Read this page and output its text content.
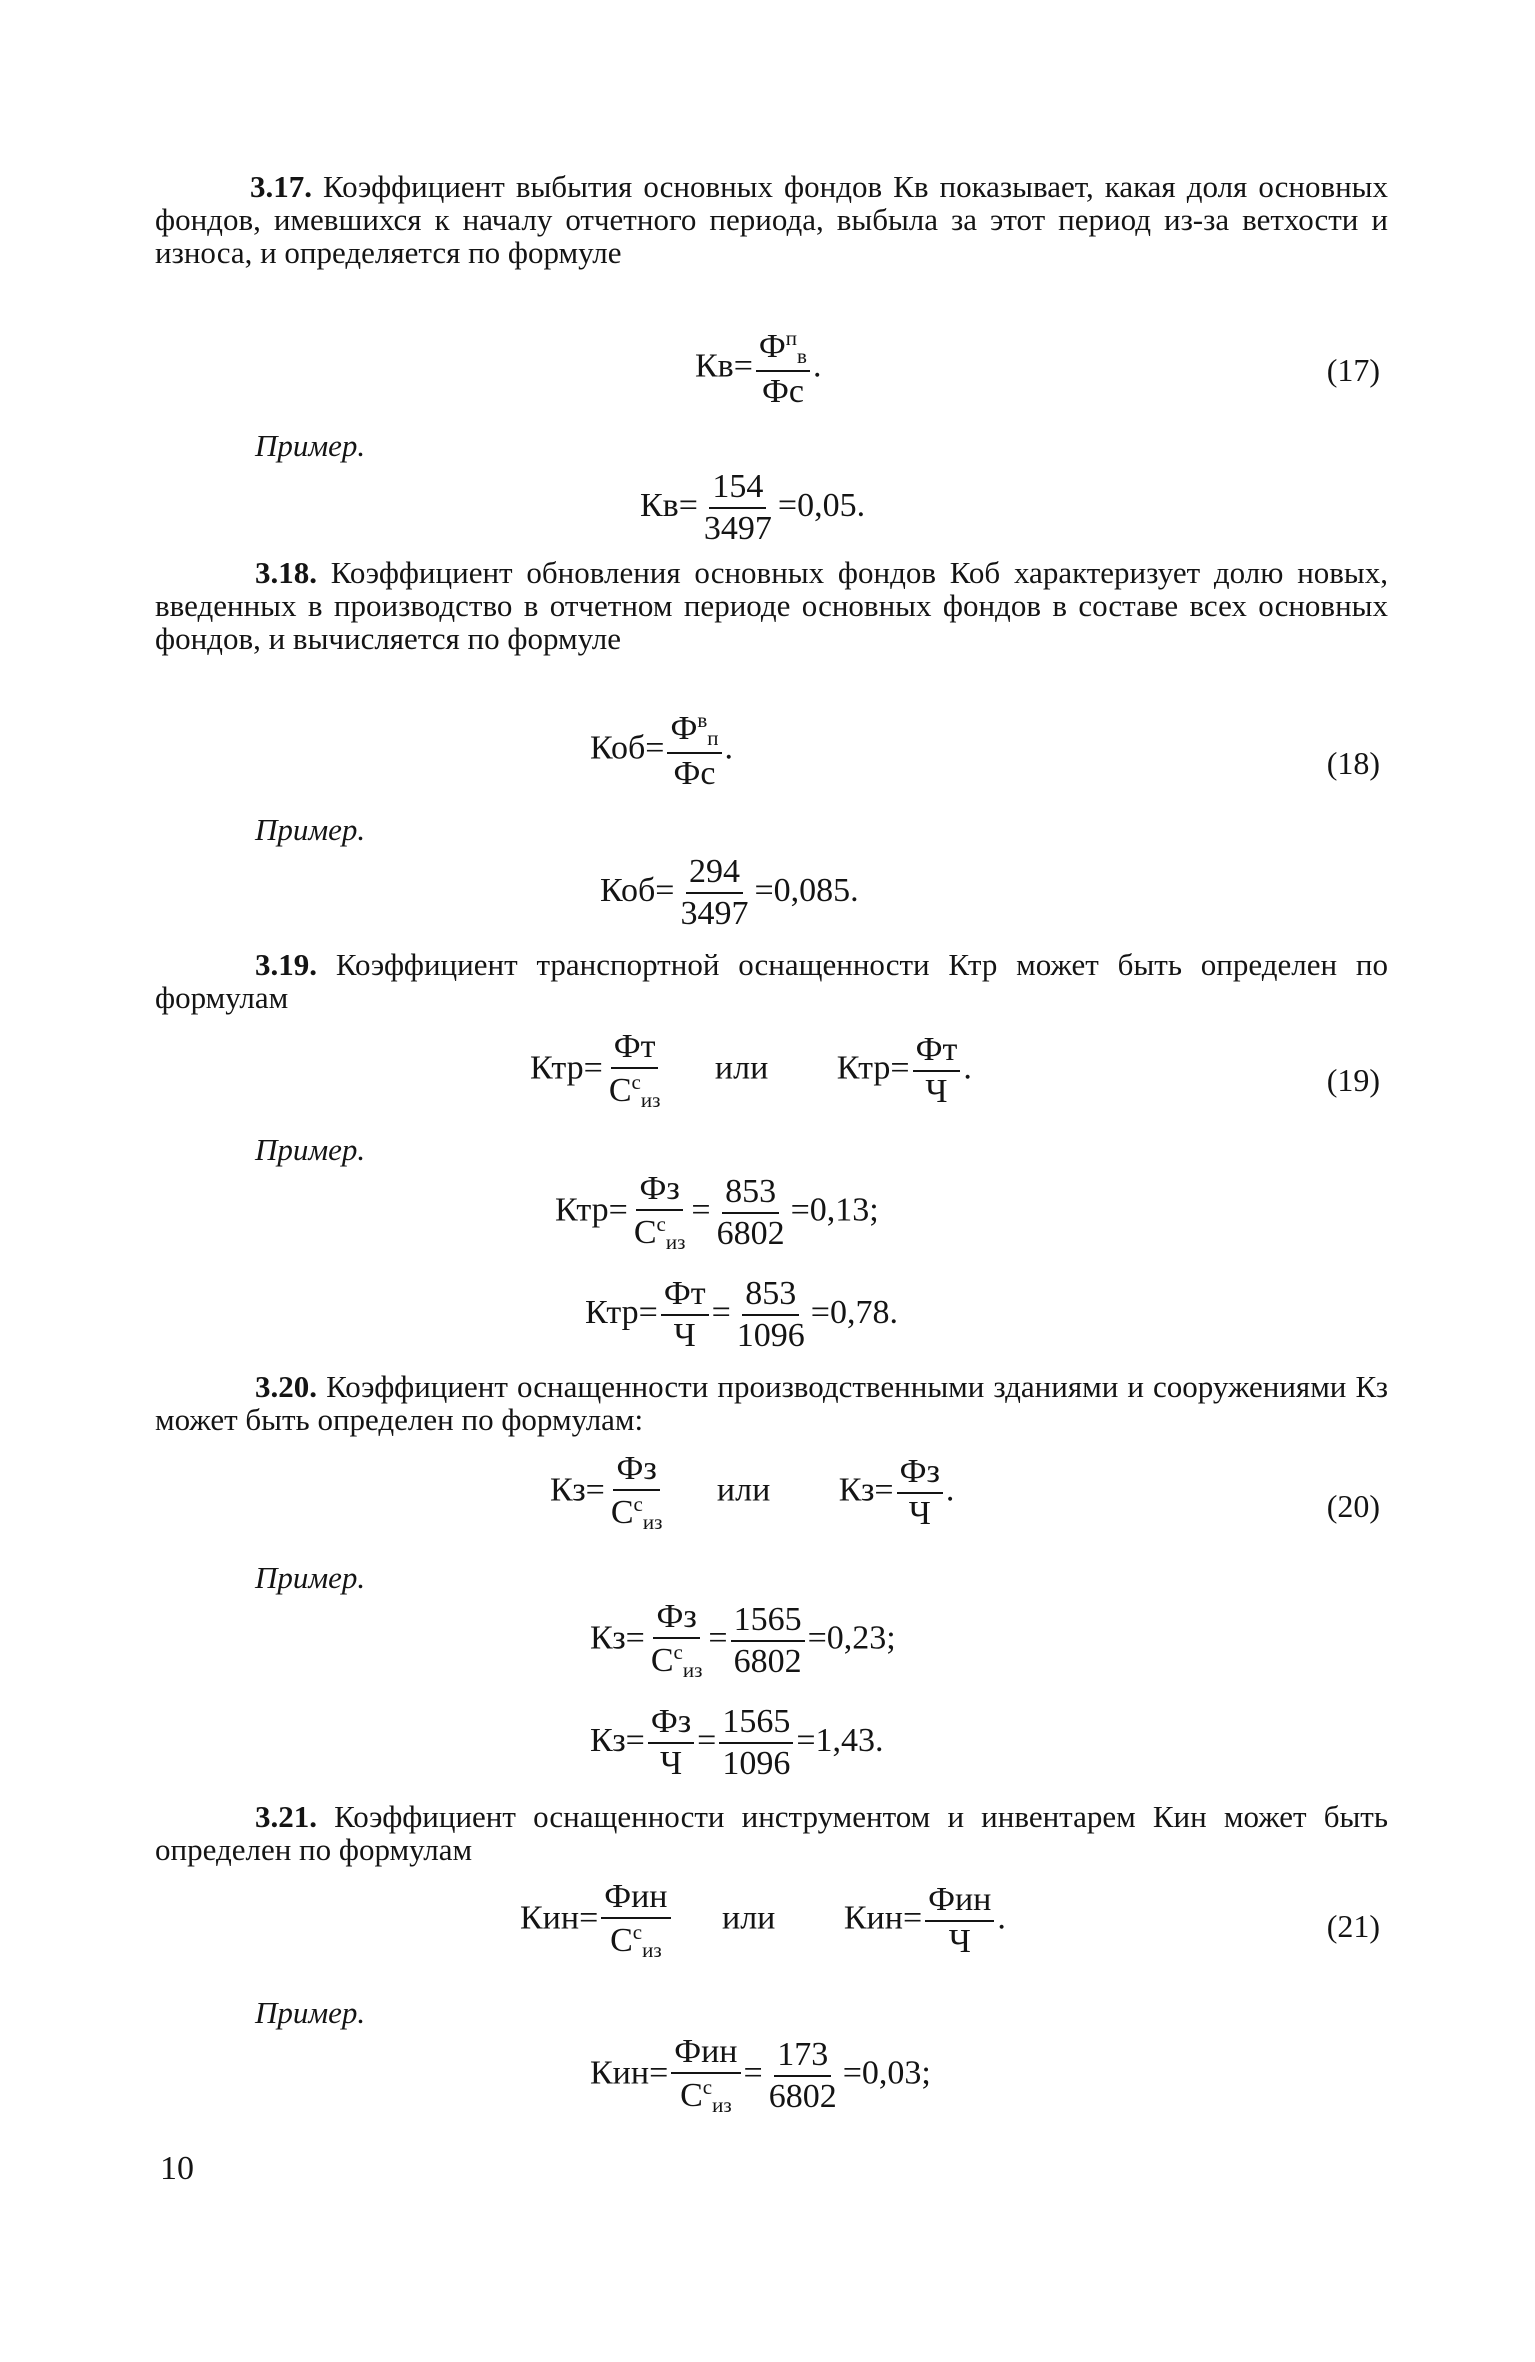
3.17. Коэффициент выбытия основных фондов Кв показывает, какая доля основных фондов, имевшихся к началу отчетного периода, выбыла за этот период из-за ветхости и износа, и определяется по формуле
$Кв= \frac{Ф^п_в}{Фс}$ .	(17)
Пример.
$Кв= \frac{154}{3497} =0,05$.
3.18. Коэффициент обновления основных фондов Коб характеризует долю новых, введенных в производство в отчетном периоде основных фондов в составе всех основных фондов, и вычисляется по формуле
$Коб= \frac{Ф^в_п}{Фс}$ .	(18)
Пример.
$Коб= \frac{294}{3497} =0,085$.
3.19. Коэффициент транспортной оснащенности Ктр может быть определен по формулам
$Ктр= \frac{Фт}{С^с_{из}}$ или $Ктр= \frac{Фт}{Ч}$ .	(19)
Пример.
$Ктр= \frac{Фз}{С^с_{из}} = \frac{853}{6802} =0,13$;
$Ктр= \frac{Фт}{Ч} = \frac{853}{1096} =0,78$.
3.20. Коэффициент оснащенности производственными зданиями и сооружениями Кз может быть определен по формулам:
$Кз= \frac{Фз}{С^с_{из}}$ или $Кз= \frac{Фз}{Ч}$ .	(20)
Пример.
$Кз= \frac{Фз}{С^с_{из}} = \frac{1565}{6802} =0,23$;
$Кз= \frac{Фз}{Ч} = \frac{1565}{1096} =1,43$.
3.21. Коэффициент оснащенности инструментом и инвентарем Кин может быть определен по формулам
$Кин= \frac{\text{Фин}}{С^с_{из}}$ или $Кин= \frac{\text{Фин}}{Ч}$ .	(21)
Пример.
$Кин= \frac{\text{Фин}}{С^с_{из}} = \frac{173}{6802} =0,03$;
10
